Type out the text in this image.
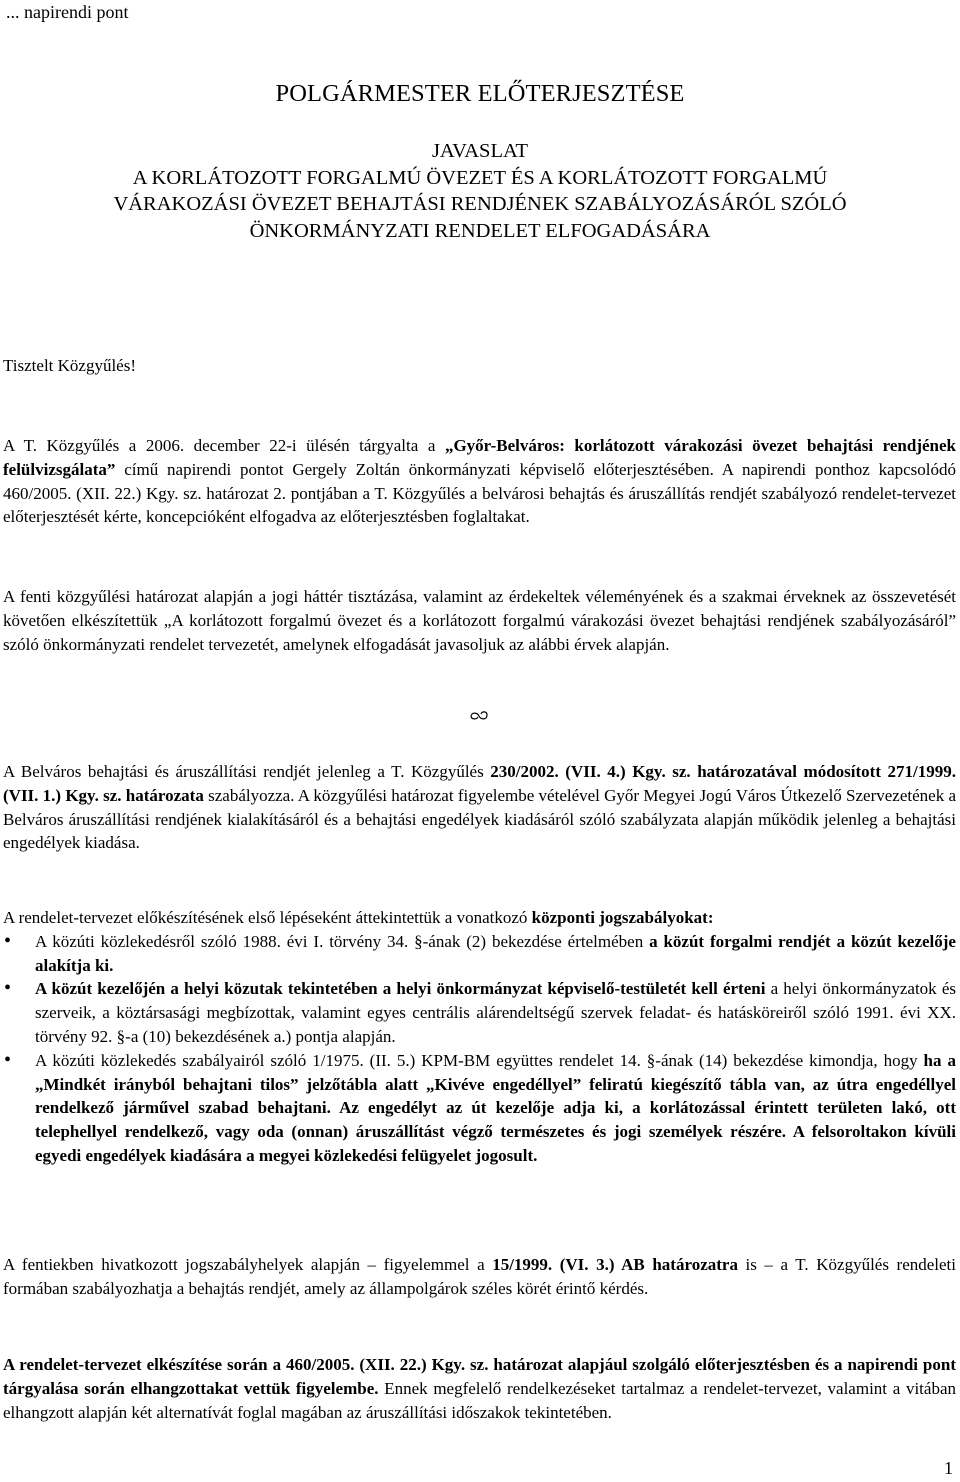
... napirendi pont
POLGÁRMESTER ELŐTERJESZTÉSE
JAVASLAT
A KORLÁTOZOTT FORGALMÚ ÖVEZET ÉS A KORLÁTOZOTT FORGALMÚ
VÁRAKOZÁSI ÖVEZET BEHAJTÁSI RENDJÉNEK SZABÁLYOZÁSÁRÓL SZÓLÓ
ÖNKORMÁNYZATI RENDELET ELFOGADÁSÁRA
Tisztelt Közgyűlés!

A T. Közgyűlés a 2006. december 22-i ülésén tárgyalta a „Győr-Belváros: korlátozott várakozási övezet behajtási rendjének felülvizsgálata” című napirendi pontot Gergely Zoltán önkormányzati képviselő előterjesztésében. A napirendi ponthoz kapcsolódó 460/2005. (XII. 22.) Kgy. sz. határozat 2. pontjában a T. Közgyűlés a belvárosi behajtás és áruszállítás rendjét szabályozó rendelet-tervezet előterjesztését kérte, koncepcióként elfogadva az előterjesztésben foglaltakat.

A fenti közgyűlési határozat alapján a jogi háttér tisztázása, valamint az érdekeltek véleményének és a szakmai érveknek az összevetését követően elkészítettük „A korlátozott forgalmú övezet és a korlátozott forgalmú várakozási övezet behajtási rendjének szabályozásáról” szóló önkormányzati rendelet tervezetét, amelynek elfogadását javasoljuk az alábbi érvek alapján.

A Belváros behajtási és áruszállítási rendjét jelenleg a T. Közgyűlés 230/2002. (VII. 4.) Kgy. sz. határozatával módosított 271/1999. (VII. 1.) Kgy. sz. határozata szabályozza. A közgyűlési határozat figyelembe vételével Győr Megyei Jogú Város Útkezelő Szervezetének a Belváros áruszállítási rendjének kialakításáról és a behajtási engedélyek kiadásáról szóló szabályzata alapján működik jelenleg a behajtási engedélyek kiadása.

A rendelet-tervezet előkészítésének első lépéseként áttekintettük a vonatkozó központi jogszabályokat:

• A közúti közlekedésről szóló 1988. évi I. törvény 34. §-ának (2) bekezdése értelmében a közút forgalmi rendjét a közút kezelője alakítja ki.
• A közút kezelőjén a helyi közutak tekintetében a helyi önkormányzat képviselő-testületét kell érteni a helyi önkormányzatok és szerveik, a köztársasági megbízottak, valamint egyes centrális alárendeltségű szervek feladat- és hatásköreiről szóló 1991. évi XX. törvény 92. §-a (10) bekezdésének a.) pontja alapján.
• A közúti közlekedés szabályairól szóló 1/1975. (II. 5.) KPM-BM együttes rendelet 14. §-ának (14) bekezdése kimondja, hogy ha a „Mindkét irányból behajtani tilos” jelzőtábla alatt „Kivéve engedéllyel” feliratú kiegészítő tábla van, az útra engedéllyel rendelkező járművel szabad behajtani. Az engedélyt az út kezelője adja ki, a korlátozással érintett területen lakó, ott telephellyel rendelkező, vagy oda (onnan) áruszállítást végző természetes és jogi személyek részére. A felsoroltakon kívüli egyedi engedélyek kiadására a megyei közlekedési felügyelet jogosult.

A fentiekben hivatkozott jogszabályhelyek alapján – figyelemmel a 15/1999. (VI. 3.) AB határozatra is – a T. Közgyűlés rendeleti formában szabályozhatja a behajtás rendjét, amely az állampolgárok széles körét érintő kérdés.

A rendelet-tervezet elkészítése során a 460/2005. (XII. 22.) Kgy. sz. határozat alapjául szolgáló előterjesztésben és a napirendi pont tárgyalása során elhangzottakat vettük figyelembe. Ennek megfelelő rendelkezéseket tartalmaz a rendelet-tervezet, valamint a vitában elhangzott alapján két alternatívát foglal magában az áruszállítási időszakok tekintetében.

1
